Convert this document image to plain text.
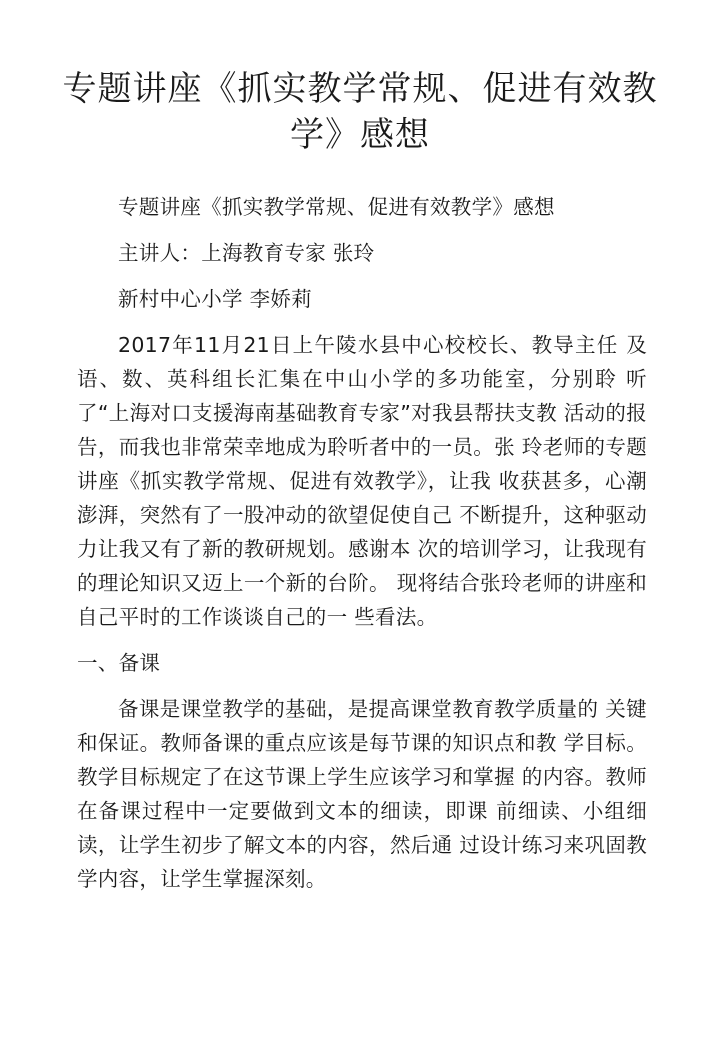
专题讲座《抓实教学常规、促进有效教学》感想

专题讲座《抓实教学常规、促进有效教学》感想

主讲人：上海教育专家 张玲

新村中心小学 李娇莉

2017年11月21日上午陵水县中心校校长、教导主任 及语、数、英科组长汇集在中山小学的多功能室，分别聆 听了“上海对口支援海南基础教育专家”对我县帮扶支教 活动的报告，而我也非常荣幸地成为聆听者中的一员。张 玲老师的专题讲座《抓实教学常规、促进有效教学》，让我 收获甚多，心潮澎湃，突然有了一股冲动的欲望促使自己 不断提升，这种驱动力让我又有了新的教研规划。感谢本 次的培训学习，让我现有的理论知识又迈上一个新的台阶。 现将结合张玲老师的讲座和自己平时的工作谈谈自己的一 些看法。

一、备课

备课是课堂教学的基础，是提高课堂教育教学质量的 关键和保证。教师备课的重点应该是每节课的知识点和教 学目标。教学目标规定了在这节课上学生应该学习和掌握 的内容。教师在备课过程中一定要做到文本的细读，即课 前细读、小组细读，让学生初步了解文本的内容，然后通 过设计练习来巩固教学内容，让学生掌握深刻。
